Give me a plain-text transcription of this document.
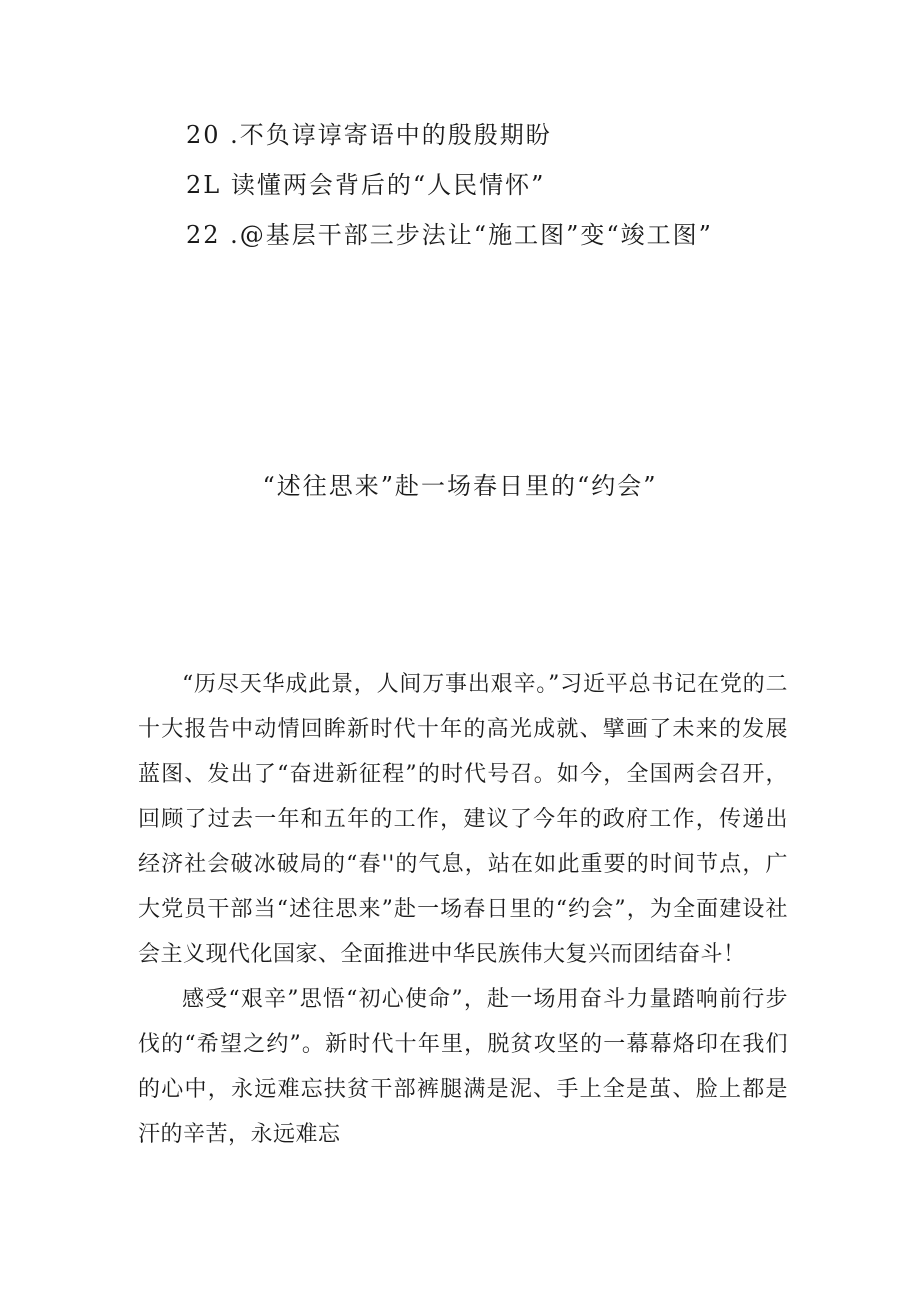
20 .不负谆谆寄语中的殷殷期盼
2L 读懂两会背后的“人民情怀”
22 .@基层干部三步法让“施工图”变“竣工图”
“述往思来”赴一场春日里的“约会”

“历尽天华成此景，人间万事出艰辛。”习近平总书记在党的二十大报告中动情回眸新时代十年的高光成就、擘画了未来的发展蓝图、发出了“奋进新征程”的时代号召。如今，全国两会召开，回顾了过去一年和五年的工作，建议了今年的政府工作，传递出经济社会破冰破局的“春''的气息，站在如此重要的时间节点，广大党员干部当“述往思来”赴一场春日里的“约会”，为全面建设社会主义现代化国家、全面推进中华民族伟大复兴而团结奋斗！

感受“艰辛”思悟“初心使命”，赴一场用奋斗力量踏响前行步伐的“希望之约”。新时代十年里，脱贫攻坚的一幕幕烙印在我们的心中，永远难忘扶贫干部裤腿满是泥、手上全是茧、脸上都是汗的辛苦，永远难忘
